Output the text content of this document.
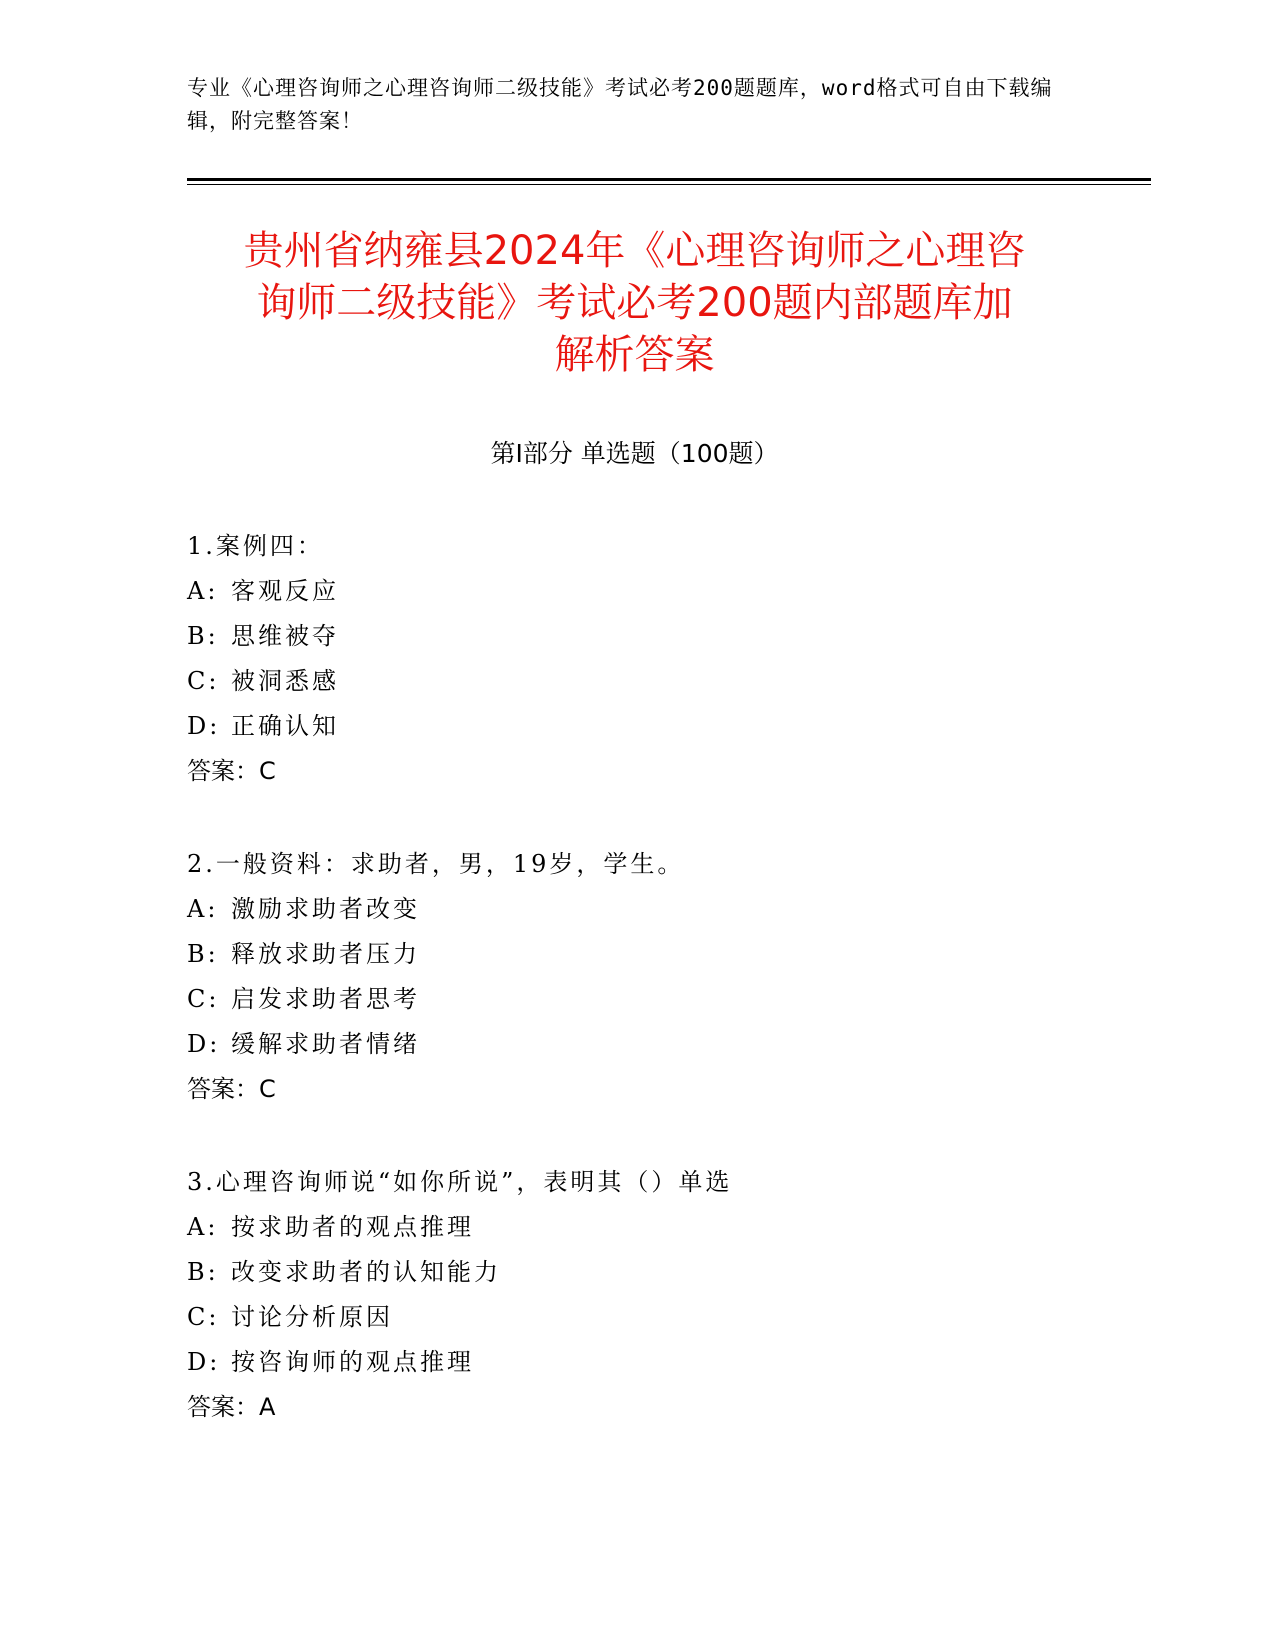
专业《心理咨询师之心理咨询师二级技能》考试必考200题题库，word格式可自由下载编辑，附完整答案！

贵州省纳雍县2024年《心理咨询师之心理咨
询师二级技能》考试必考200题内部题库加
解析答案
第I部分 单选题（100题）
1.案例四：
A: 客观反应
B: 思维被夺
C: 被洞悉感
D: 正确认知
答案：C
2.一般资料：求助者，男，19岁，学生。
A: 激励求助者改变
B: 释放求助者压力
C: 启发求助者思考
D: 缓解求助者情绪
答案：C
3.心理咨询师说“如你所说”，表明其（）单选
A: 按求助者的观点推理
B: 改变求助者的认知能力
C: 讨论分析原因
D: 按咨询师的观点推理
答案：A
